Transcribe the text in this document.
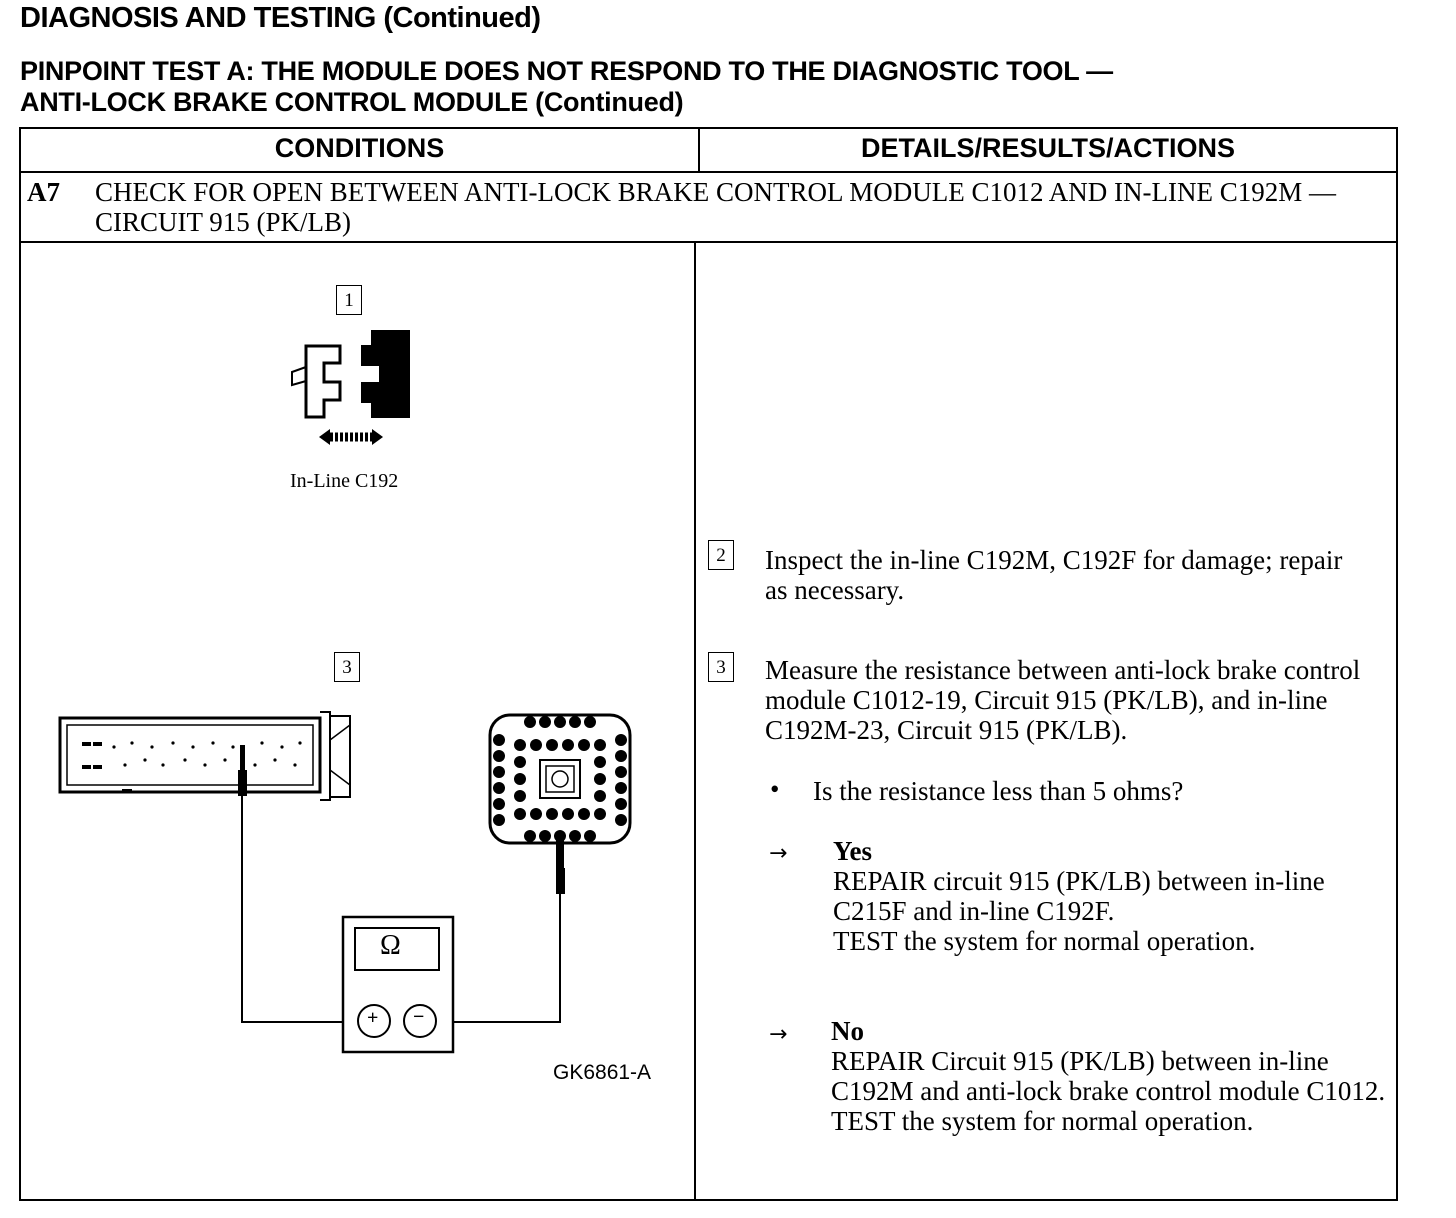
DIAGNOSIS AND TESTING (Continued)
PINPOINT TEST A: THE MODULE DOES NOT RESPOND TO THE DIAGNOSTIC TOOL —
ANTI-LOCK BRAKE CONTROL MODULE (Continued)
CONDITIONS	DETAILS/RESULTS/ACTIONS
A7 CHECK FOR OPEN BETWEEN ANTI-LOCK BRAKE CONTROL MODULE C1012 AND IN-LINE C192M — CIRCUIT 915 (PK/LB)
2	Inspect the in-line C192M, C192F for damage; repair as necessary.
3	Measure the resistance between anti-lock brake control module C1012-19, Circuit 915 (PK/LB), and in-line C192M-23, Circuit 915 (PK/LB).
• Is the resistance less than 5 ohms?
→ Yes
REPAIR circuit 915 (PK/LB) between in-line C215F and in-line C192F.
TEST the system for normal operation.
→ No
REPAIR Circuit 915 (PK/LB) between in-line C192M and anti-lock brake control module C1012. TEST the system for normal operation.
1
In-Line C192
3
Ω
+ −
GK6861-A
